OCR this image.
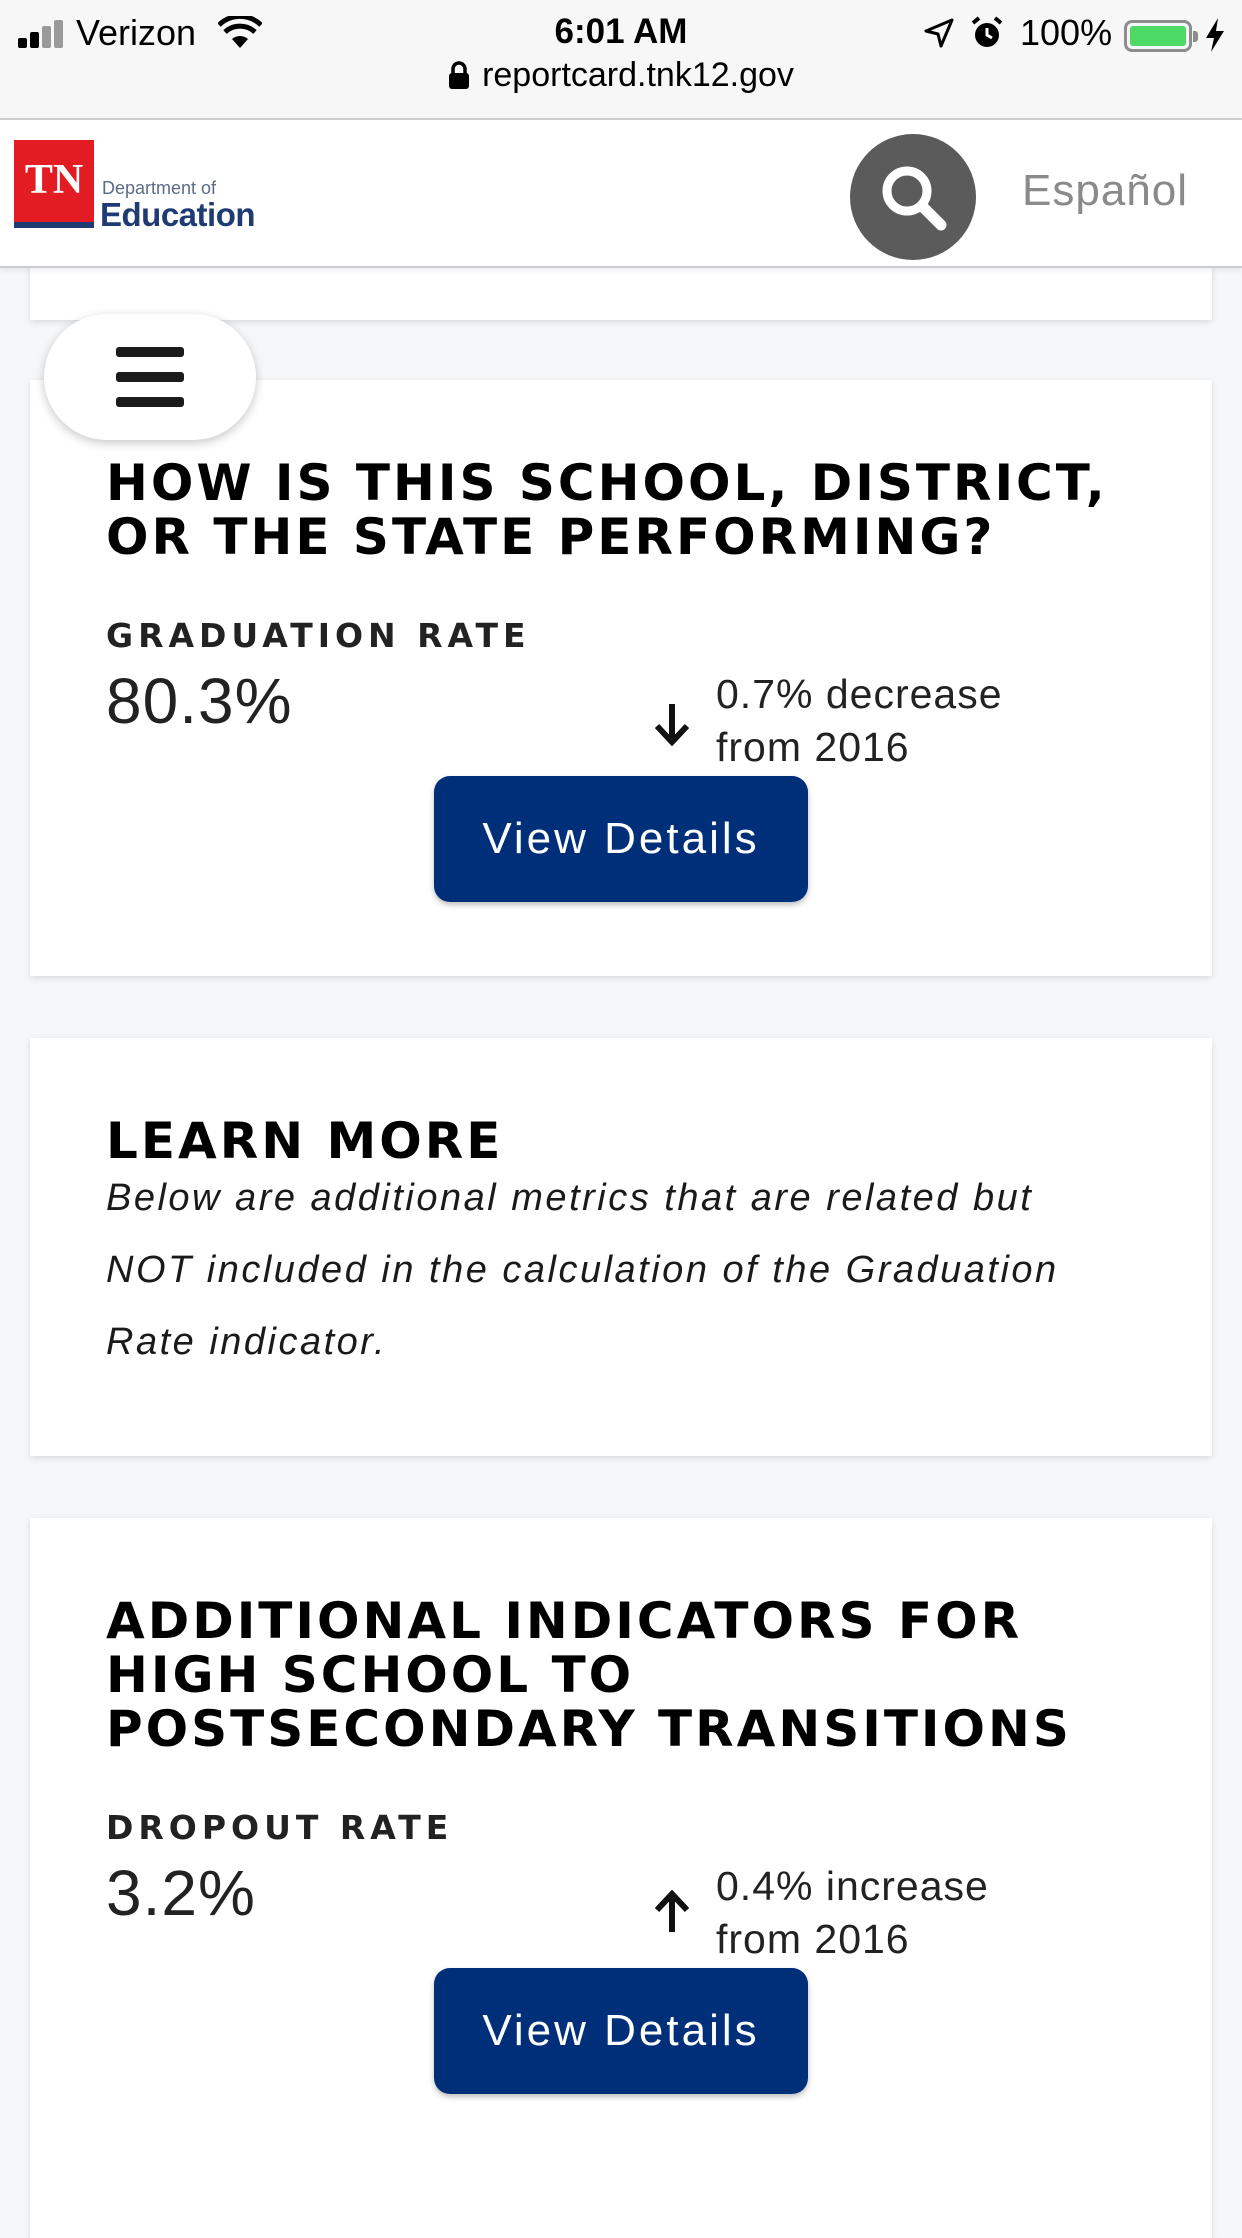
Verizon	6:01 AM	100%
reportcard.tnk12.gov
TN	Department of
Education	Español
HOW IS THIS SCHOOL, DISTRICT, OR THE STATE PERFORMING?
GRADUATION RATE
80.3%	0.7% decrease
from 2016
View Details
LEARN MORE
Below are additional metrics that are related but NOT included in the calculation of the Graduation Rate indicator.
ADDITIONAL INDICATORS FOR HIGH SCHOOL TO POSTSECONDARY TRANSITIONS
DROPOUT RATE
3.2%	0.4% increase
from 2016
View Details
